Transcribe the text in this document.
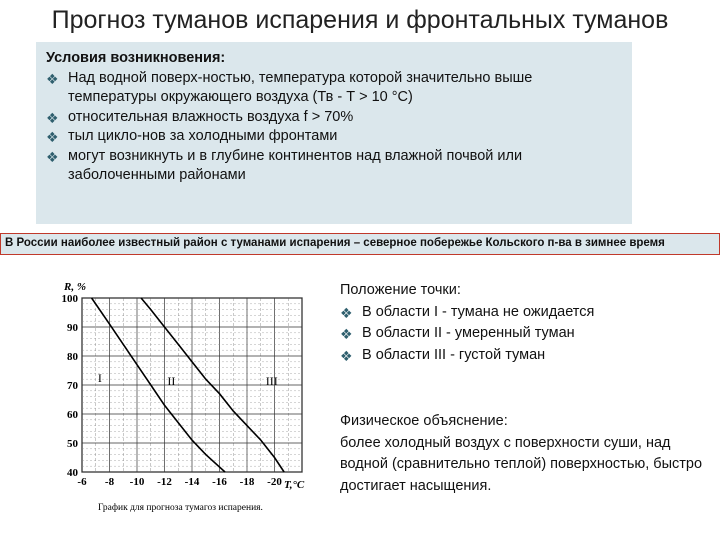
Прогноз туманов испарения и фронтальных туманов
Условия возникновения:
❖ Над водной поверх-ностью, температура которой значительно выше температуры окружающего воздуха (Тв - Т > 10 °С)
❖ относительная влажность воздуха f > 70%
❖ тыл цикло-нов за холодными фронтами
❖ могут возникнуть и в глубине континентов над влажной почвой или заболоченными районами
В России наиболее известный район с туманами испарения – северное побережье Кольского п-ва в зимнее время
I	II	III
-6 -8 -10 -12 -14 -16 -18 -20
40
50
60
70
80
90
100
R, %
T,°C
График для прогноза тумагоз испарения.
Положение точки:
❖ В области I - тумана не ожидается
❖ В области II - умеренный туман
❖ В области III - густой туман
Физическое объяснение:
более холодный воздух с поверхности суши, над водной (сравнительно теплой) поверхностью, быстро достигает насыщения.
